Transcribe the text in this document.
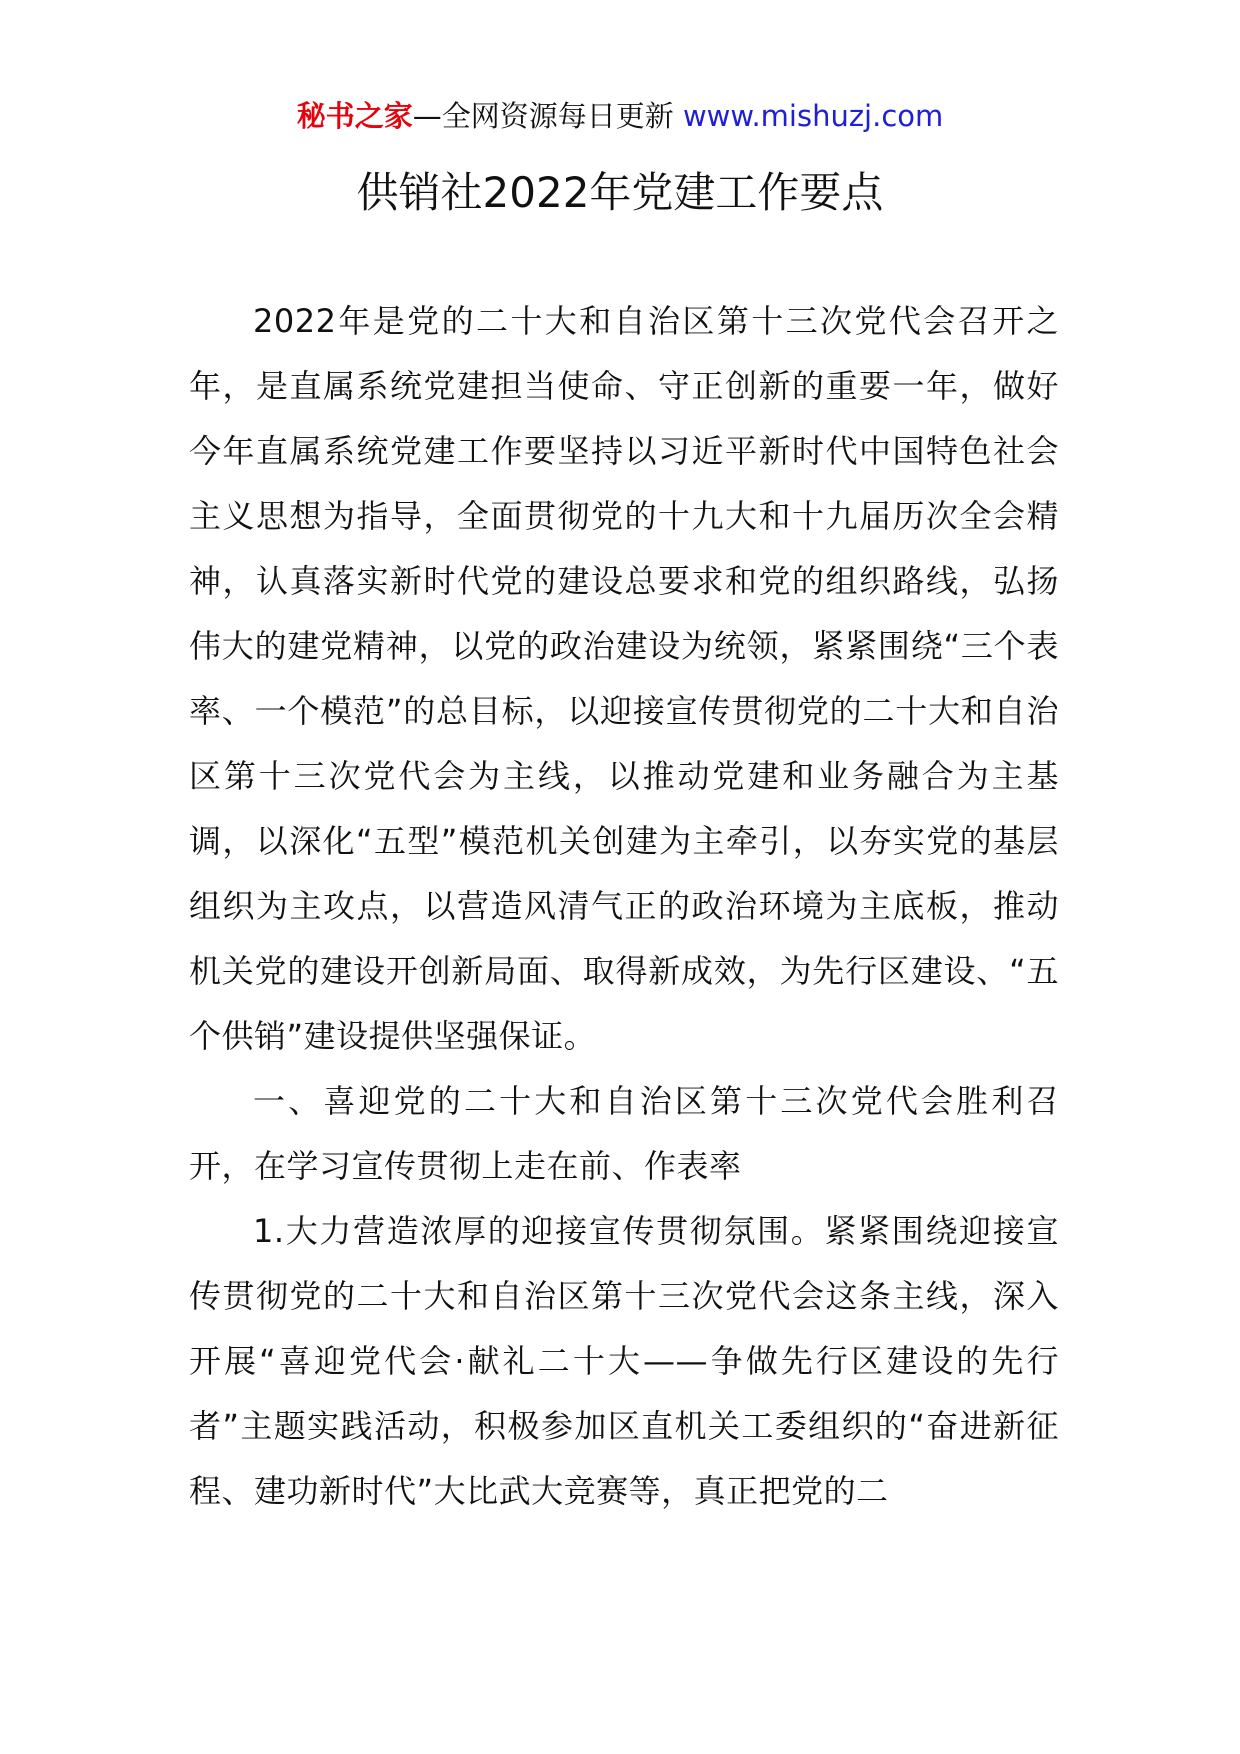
秘书之家—全网资源每日更新 www.mishuzj.com
供销社2022年党建工作要点

2022年是党的二十大和自治区第十三次党代会召开之年，是直属系统党建担当使命、守正创新的重要一年，做好今年直属系统党建工作要坚持以习近平新时代中国特色社会主义思想为指导，全面贯彻党的十九大和十九届历次全会精神，认真落实新时代党的建设总要求和党的组织路线，弘扬伟大的建党精神，以党的政治建设为统领，紧紧围绕“三个表率、一个模范”的总目标，以迎接宣传贯彻党的二十大和自治区第十三次党代会为主线，以推动党建和业务融合为主基调，以深化“五型”模范机关创建为主牵引，以夯实党的基层组织为主攻点，以营造风清气正的政治环境为主底板，推动机关党的建设开创新局面、取得新成效，为先行区建设、“五个供销”建设提供坚强保证。

一、喜迎党的二十大和自治区第十三次党代会胜利召开，在学习宣传贯彻上走在前、作表率

1.大力营造浓厚的迎接宣传贯彻氛围。紧紧围绕迎接宣传贯彻党的二十大和自治区第十三次党代会这条主线，深入开展“喜迎党代会·献礼二十大——争做先行区建设的先行者”主题实践活动，积极参加区直机关工委组织的“奋进新征程、建功新时代”大比武大竞赛等，真正把党的二
